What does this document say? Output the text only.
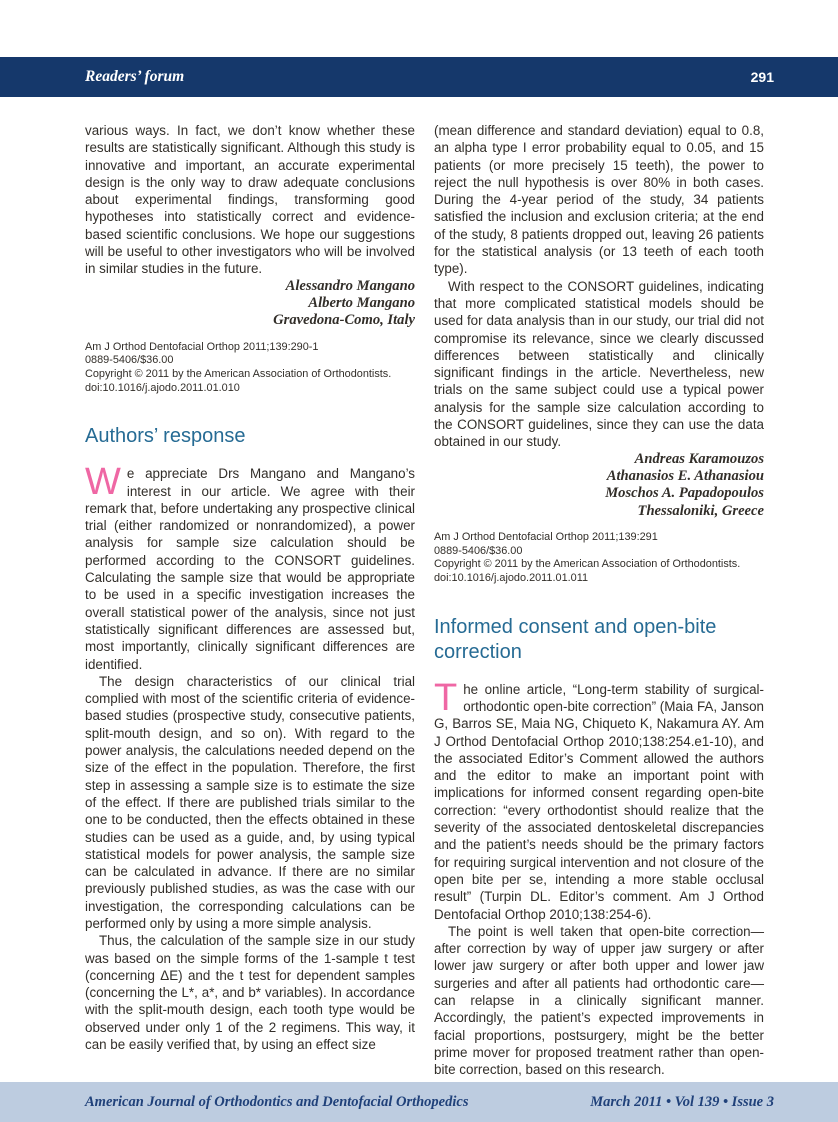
Readers’ forum	291

various ways. In fact, we don’t know whether these results are statistically significant. Although this study is innovative and important, an accurate experimental design is the only way to draw adequate conclusions about experimental findings, transforming good hypotheses into statistically correct and evidence-based scientific conclusions. We hope our suggestions will be useful to other investigators who will be involved in similar studies in the future.

Alessandro Mangano
Alberto Mangano
Gravedona-Como, Italy
Am J Orthod Dentofacial Orthop 2011;139:290-1
0889-5406/$36.00
Copyright © 2011 by the American Association of Orthodontists.
doi:10.1016/j.ajodo.2011.01.010
Authors’ response

We appreciate Drs Mangano and Mangano’s interest in our article. We agree with their remark that, before undertaking any prospective clinical trial (either randomized or nonrandomized), a power analysis for sample size calculation should be performed according to the CONSORT guidelines. Calculating the sample size that would be appropriate to be used in a specific investigation increases the overall statistical power of the analysis, since not just statistically significant differences are assessed but, most importantly, clinically significant differences are identified.

The design characteristics of our clinical trial complied with most of the scientific criteria of evidence-based studies (prospective study, consecutive patients, split-mouth design, and so on). With regard to the power analysis, the calculations needed depend on the size of the effect in the population. Therefore, the first step in assessing a sample size is to estimate the size of the effect. If there are published trials similar to the one to be conducted, then the effects obtained in these studies can be used as a guide, and, by using typical statistical models for power analysis, the sample size can be calculated in advance. If there are no similar previously published studies, as was the case with our investigation, the corresponding calculations can be performed only by using a more simple analysis.

Thus, the calculation of the sample size in our study was based on the simple forms of the 1-sample t test (concerning ΔE) and the t test for dependent samples (concerning the L*, a*, and b* variables). In accordance with the split-mouth design, each tooth type would be observed under only 1 of the 2 regimens. This way, it can be easily verified that, by using an effect size

(mean difference and standard deviation) equal to 0.8, an alpha type I error probability equal to 0.05, and 15 patients (or more precisely 15 teeth), the power to reject the null hypothesis is over 80% in both cases. During the 4-year period of the study, 34 patients satisfied the inclusion and exclusion criteria; at the end of the study, 8 patients dropped out, leaving 26 patients for the statistical analysis (or 13 teeth of each tooth type).

With respect to the CONSORT guidelines, indicating that more complicated statistical models should be used for data analysis than in our study, our trial did not compromise its relevance, since we clearly discussed differences between statistically and clinically significant findings in the article. Nevertheless, new trials on the same subject could use a typical power analysis for the sample size calculation according to the CONSORT guidelines, since they can use the data obtained in our study.

Andreas Karamouzos
Athanasios E. Athanasiou
Moschos A. Papadopoulos
Thessaloniki, Greece
Am J Orthod Dentofacial Orthop 2011;139:291
0889-5406/$36.00
Copyright © 2011 by the American Association of Orthodontists.
doi:10.1016/j.ajodo.2011.01.011
Informed consent and open-bite correction

The online article, “Long-term stability of surgical-orthodontic open-bite correction” (Maia FA, Janson G, Barros SE, Maia NG, Chiqueto K, Nakamura AY. Am J Orthod Dentofacial Orthop 2010;138:254.e1-10), and the associated Editor’s Comment allowed the authors and the editor to make an important point with implications for informed consent regarding open-bite correction: “every orthodontist should realize that the severity of the associated dentoskeletal discrepancies and the patient’s needs should be the primary factors for requiring surgical intervention and not closure of the open bite per se, intending a more stable occlusal result” (Turpin DL. Editor’s comment. Am J Orthod Dentofacial Orthop 2010;138:254-6).

The point is well taken that open-bite correction—after correction by way of upper jaw surgery or after lower jaw surgery or after both upper and lower jaw surgeries and after all patients had orthodontic care—can relapse in a clinically significant manner. Accordingly, the patient’s expected improvements in facial proportions, postsurgery, might be the better prime mover for proposed treatment rather than open-bite correction, based on this research.

American Journal of Orthodontics and Dentofacial Orthopedics	March 2011 • Vol 139 • Issue 3
